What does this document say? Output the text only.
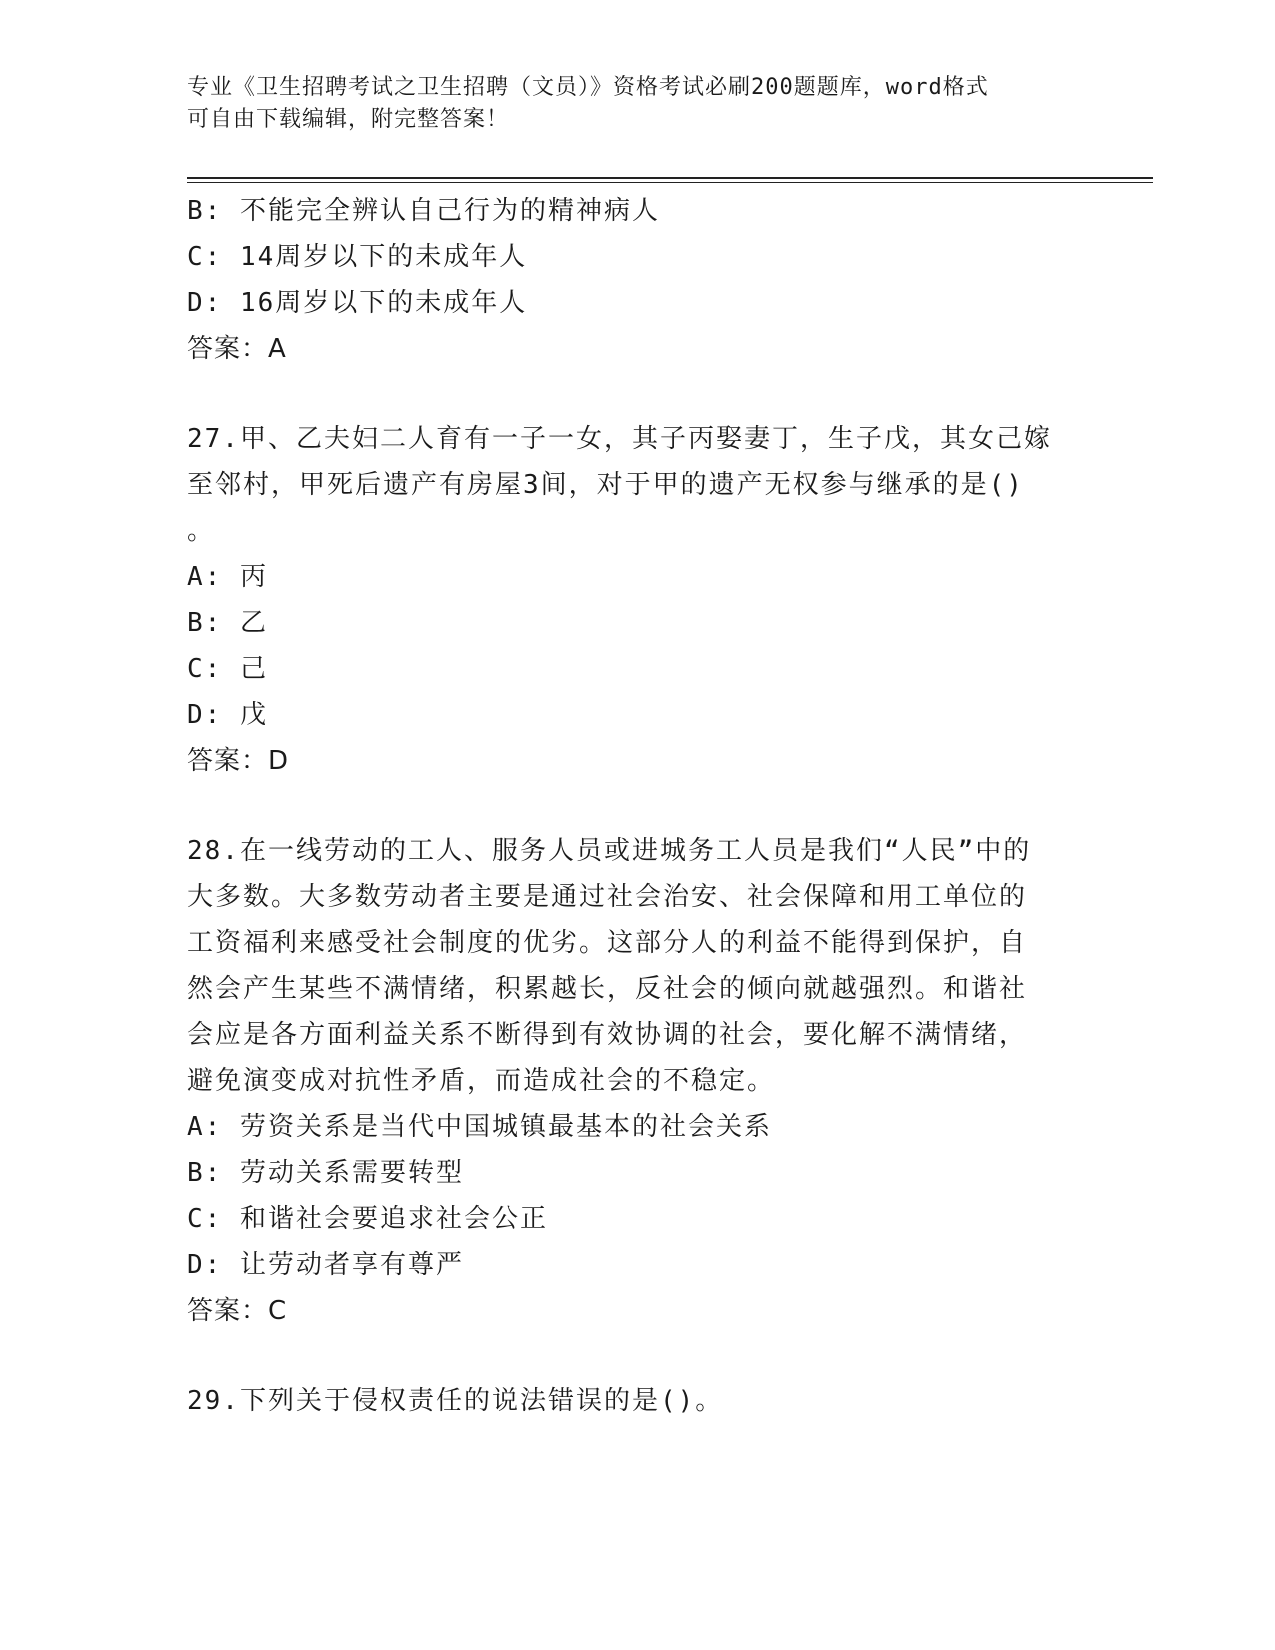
专业《卫生招聘考试之卫生招聘（文员）》资格考试必刷200题题库，word格式
可自由下载编辑，附完整答案！
B: 不能完全辨认自己行为的精神病人
C: 14周岁以下的未成年人
D: 16周岁以下的未成年人
答案：A
27.甲、乙夫妇二人育有一子一女，其子丙娶妻丁，生子戊，其女己嫁
至邻村，甲死后遗产有房屋3间，对于甲的遗产无权参与继承的是()
。
A: 丙
B: 乙
C: 己
D: 戊
答案：D
28.在一线劳动的工人、服务人员或进城务工人员是我们“人民”中的
大多数。大多数劳动者主要是通过社会治安、社会保障和用工单位的
工资福利来感受社会制度的优劣。这部分人的利益不能得到保护，自
然会产生某些不满情绪，积累越长，反社会的倾向就越强烈。和谐社
会应是各方面利益关系不断得到有效协调的社会，要化解不满情绪，
避免演变成对抗性矛盾，而造成社会的不稳定。
A: 劳资关系是当代中国城镇最基本的社会关系
B: 劳动关系需要转型
C: 和谐社会要追求社会公正
D: 让劳动者享有尊严
答案：C
29.下列关于侵权责任的说法错误的是()。
